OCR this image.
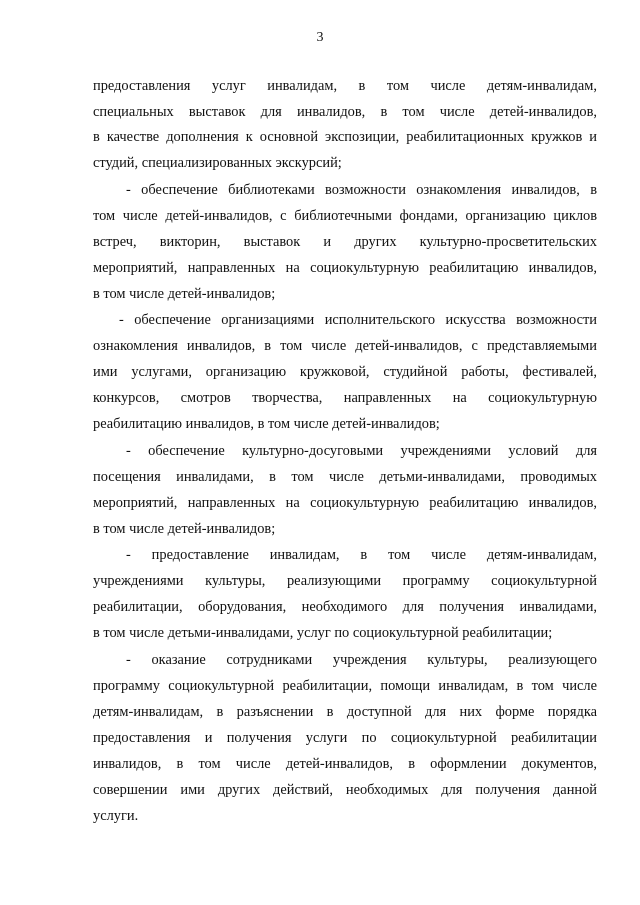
3
предоставления услуг инвалидам, в том числе детям-инвалидам,
специальных выставок для инвалидов, в том числе детей-инвалидов,
в качестве дополнения к основной экспозиции, реабилитационных кружков и
студий, специализированных экскурсий;
- обеспечение библиотеками возможности ознакомления инвалидов, в
том числе детей-инвалидов, с библиотечными фондами, организацию циклов
встреч, викторин, выставок и других культурно-просветительских
мероприятий, направленных на социокультурную реабилитацию инвалидов,
в том числе детей-инвалидов;
- обеспечение организациями исполнительского искусства возможности
ознакомления инвалидов, в том числе детей-инвалидов, с представляемыми
ими услугами, организацию кружковой, студийной работы, фестивалей,
конкурсов, смотров творчества, направленных на социокультурную
реабилитацию инвалидов, в том числе детей-инвалидов;
- обеспечение культурно-досуговыми учреждениями условий для
посещения инвалидами, в том числе детьми-инвалидами, проводимых
мероприятий, направленных на социокультурную реабилитацию инвалидов,
в том числе детей-инвалидов;
- предоставление инвалидам, в том числе детям-инвалидам,
учреждениями культуры, реализующими программу социокультурной
реабилитации, оборудования, необходимого для получения инвалидами,
в том числе детьми-инвалидами, услуг по социокультурной реабилитации;
- оказание сотрудниками учреждения культуры, реализующего
программу социокультурной реабилитации, помощи инвалидам, в том числе
детям-инвалидам, в разъяснении в доступной для них форме порядка
предоставления и получения услуги по социокультурной реабилитации
инвалидов, в том числе детей-инвалидов, в оформлении документов,
совершении ими других действий, необходимых для получения данной
услуги.
